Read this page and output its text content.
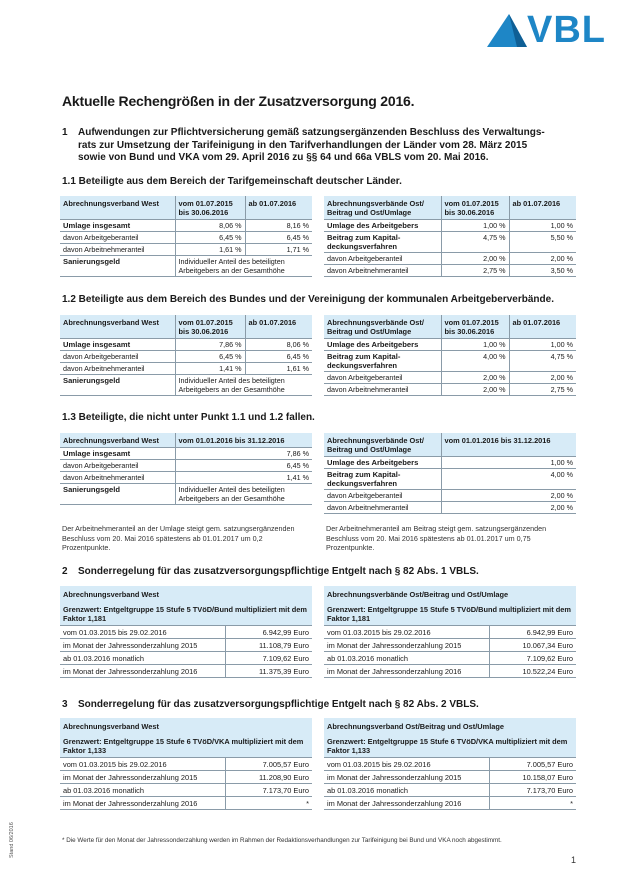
VBL
Aktuelle Rechengrößen in der Zusatzversorgung 2016.
1 Aufwendungen zur Pflichtversicherung gemäß satzungsergänzenden Beschluss des Verwaltungs-
rats zur Umsetzung der Tarifeinigung in den Tarifverhandlungen der Länder vom 28. März 2015
sowie von Bund und VKA vom 29. April 2016 zu §§ 64 und 66a VBLS vom 20. Mai 2016.
1.1 Beteiligte aus dem Bereich der Tarifgemeinschaft deutscher Länder.
Abrechnungsverband West	vom 01.07.2015 bis 30.06.2016	ab 01.07.2016
Umlage insgesamt	8,06 %	8,16 %
davon Arbeitgeberanteil	6,45 %	6,45 %
davon Arbeitnehmeranteil	1,61 %	1,71 %
Sanierungsgeld	Individueller Anteil des beteiligten Arbeitgebers an der Gesamthöhe	
Abrechnungsverbände Ost/ Beitrag und Ost/Umlage	vom 01.07.2015 bis 30.06.2016	ab 01.07.2016
Umlage des Arbeitgebers	1,00 %	1,00 %
Beitrag zum Kapital-deckungsverfahren	4,75 %	5,50 %
davon Arbeitgeberanteil	2,00 %	2,00 %
davon Arbeitnehmeranteil	2,75 %	3,50 %
1.2 Beteiligte aus dem Bereich des Bundes und der Vereinigung der kommunalen Arbeitgeberverbände.
Abrechnungsverband West	vom 01.07.2015 bis 30.06.2016	ab 01.07.2016
Umlage insgesamt	7,86 %	8,06 %
davon Arbeitgeberanteil	6,45 %	6,45 %
davon Arbeitnehmeranteil	1,41 %	1,61 %
Sanierungsgeld	Individueller Anteil des beteiligten Arbeitgebers an der Gesamthöhe	
Abrechnungsverbände Ost/ Beitrag und Ost/Umlage	vom 01.07.2015 bis 30.06.2016	ab 01.07.2016
Umlage des Arbeitgebers	1,00 %	1,00 %
Beitrag zum Kapital-deckungsverfahren	4,00 %	4,75 %
davon Arbeitgeberanteil	2,00 %	2,00 %
davon Arbeitnehmeranteil	2,00 %	2,75 %
1.3 Beteiligte, die nicht unter Punkt 1.1 und 1.2 fallen.
Abrechnungsverband West	vom 01.01.2016 bis 31.12.2016
Umlage insgesamt	7,86 %
davon Arbeitgeberanteil	6,45 %
davon Arbeitnehmeranteil	1,41 %
Sanierungsgeld	Individueller Anteil des beteiligten Arbeitgebers an der Gesamthöhe
Abrechnungsverbände Ost/ Beitrag und Ost/Umlage	vom 01.01.2016 bis 31.12.2016
Umlage des Arbeitgebers	1,00 %
Beitrag zum Kapital-deckungsverfahren	4,00 %
davon Arbeitgeberanteil	2,00 %
davon Arbeitnehmeranteil	2,00 %
Der Arbeitnehmeranteil an der Umlage steigt gem. satzungsergänzenden Beschluss vom 20. Mai 2016 spätestens ab 01.01.2017 um 0,2 Prozentpunkte.
Der Arbeitnehmeranteil am Beitrag steigt gem. satzungsergänzenden Beschluss vom 20. Mai 2016 spätestens ab 01.01.2017 um 0,75 Prozentpunkte.
2 Sonderregelung für das zusatzversorgungspflichtige Entgelt nach § 82 Abs. 1 VBLS.
Abrechnungsverband West	
Grenzwert: Entgeltgruppe 15 Stufe 5 TVöD/Bund multipliziert mit dem Faktor 1,181	
vom 01.03.2015 bis 29.02.2016	6.942,99 Euro
im Monat der Jahressonderzahlung 2015	11.108,79 Euro
ab 01.03.2016 monatlich	7.109,62 Euro
im Monat der Jahressonderzahlung 2016	11.375,39 Euro
Abrechnungsverbände Ost/Beitrag und Ost/Umlage	
Grenzwert: Entgeltgruppe 15 Stufe 5 TVöD/Bund multipliziert mit dem Faktor 1,181	
vom 01.03.2015 bis 29.02.2016	6.942,99 Euro
im Monat der Jahressonderzahlung 2015	10.067,34 Euro
ab 01.03.2016 monatlich	7.109,62 Euro
im Monat der Jahressonderzahlung 2016	10.522,24 Euro
3 Sonderregelung für das zusatzversorgungspflichtige Entgelt nach § 82 Abs. 2 VBLS.
Abrechnungsverband West	
Grenzwert: Entgeltgruppe 15 Stufe 6 TVöD/VKA multipliziert mit dem Faktor 1,133	
vom 01.03.2015 bis 29.02.2016	7.005,57 Euro
im Monat der Jahressonderzahlung 2015	11.208,90 Euro
ab 01.03.2016 monatlich	7.173,70 Euro
im Monat der Jahressonderzahlung 2016	*
Abrechnungsverband Ost/Beitrag und Ost/Umlage	
Grenzwert: Entgeltgruppe 15 Stufe 6 TVöD/VKA multipliziert mit dem Faktor 1,133	
vom 01.03.2015 bis 29.02.2016	7.005,57 Euro
im Monat der Jahressonderzahlung 2015	10.158,07 Euro
ab 01.03.2016 monatlich	7.173,70 Euro
im Monat der Jahressonderzahlung 2016	*
* Die Werte für den Monat der Jahressonderzahlung werden im Rahmen der Redaktionsverhandlungen zur Tarifeinigung bei Bund und VKA noch abgestimmt.
1
Stand 06/2016
